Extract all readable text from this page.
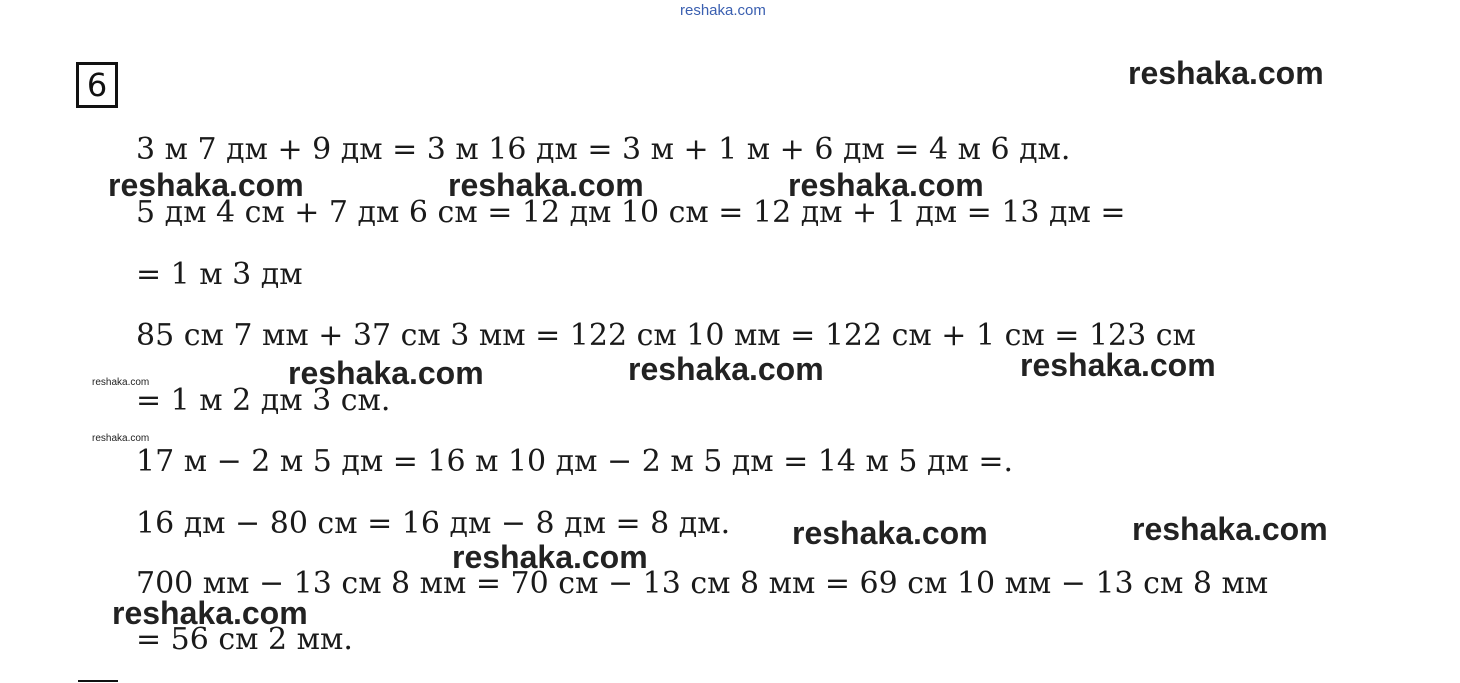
reshaka.com
6
3 м 7 дм + 9 дм = 3 м 16 дм = 3 м + 1 м + 6 дм = 4 м 6 дм.
5 дм 4 см + 7 дм 6 см = 12 дм 10 см = 12 дм + 1 дм = 13 дм =
= 1 м 3 дм
85 см 7 мм + 37 см 3 мм = 122 см 10 мм = 122 см + 1 см = 123 см
= 1 м 2 дм 3 см.
17 м − 2 м 5 дм = 16 м 10 дм − 2 м 5 дм = 14 м 5 дм =.
16 дм − 80 см = 16 дм − 8 дм = 8 дм.
700 мм − 13 см 8 мм = 70 см − 13 см 8 мм = 69 см 10 мм − 13 см 8 мм
= 56 см 2 мм.
reshaka.com
reshaka.com	reshaka.com	reshaka.com
reshaka.com	reshaka.com	reshaka.com
reshaka.com	reshaka.com
reshaka.com
reshaka.com
reshaka.com
reshaka.com
